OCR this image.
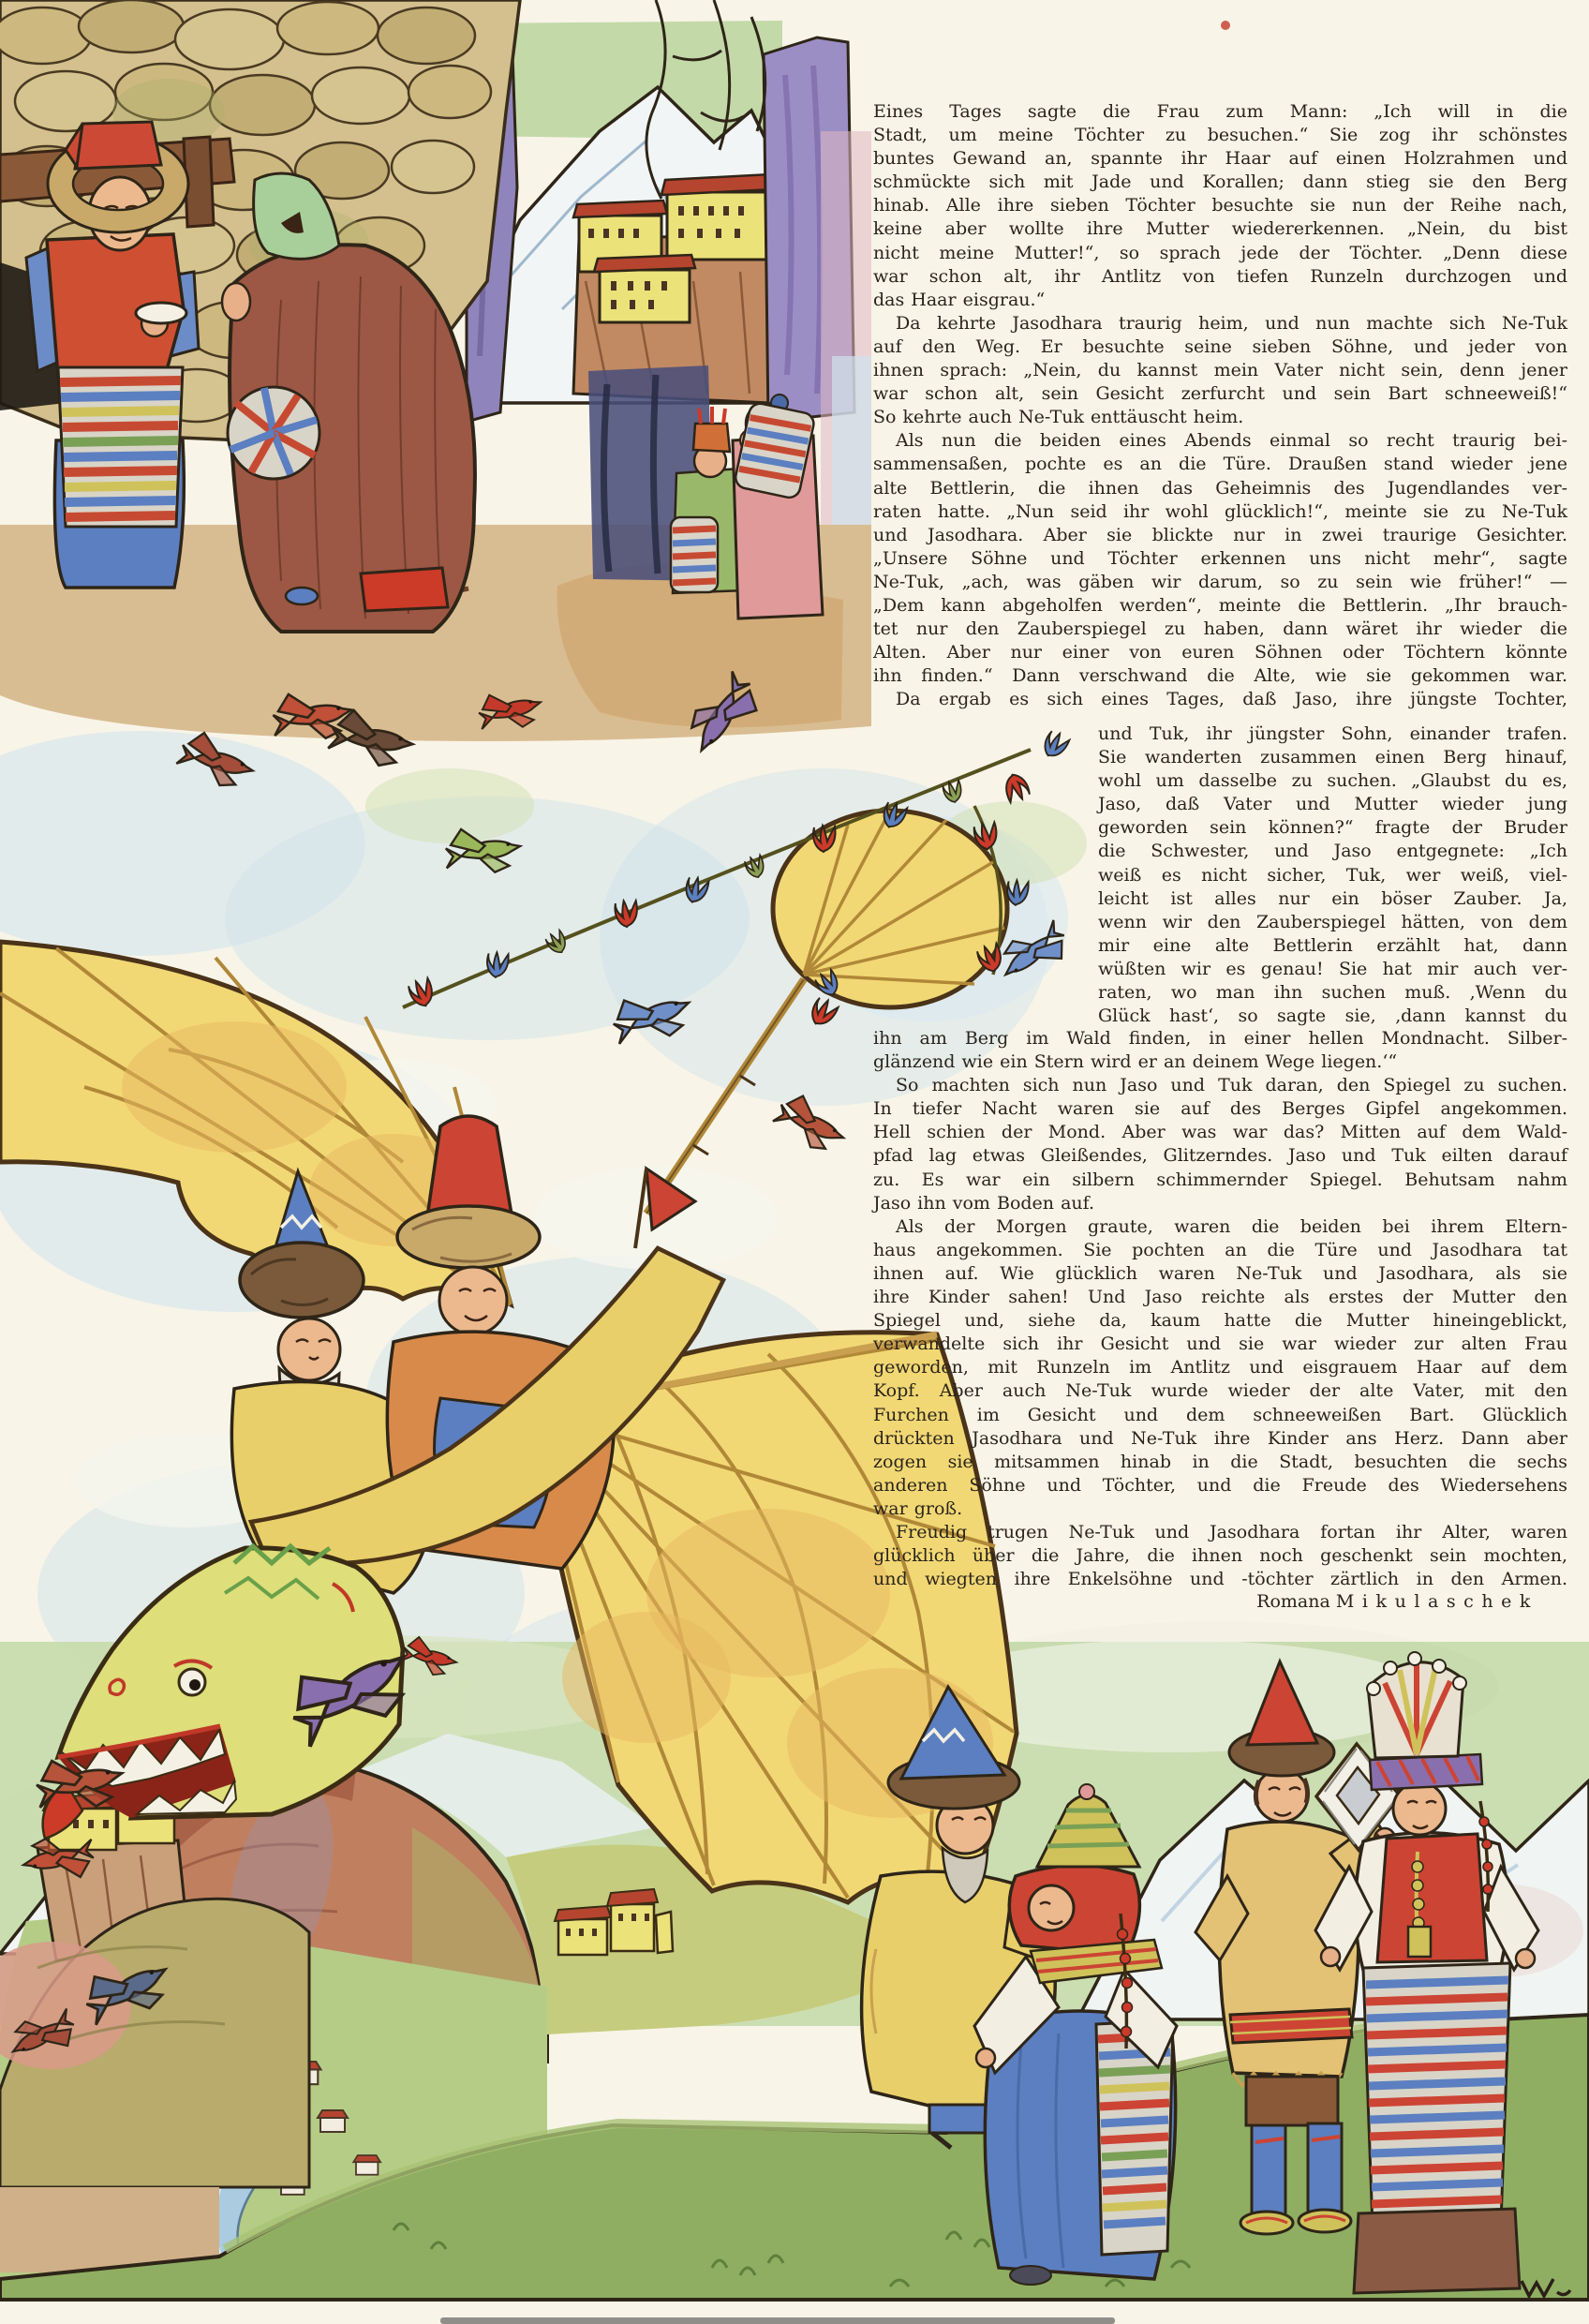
Eines Tages sagte die Frau zum Mann: „Ich will in die
Stadt, um meine Töchter zu besuchen.“ Sie zog ihr schönstes
buntes Gewand an, spannte ihr Haar auf einen Holzrahmen und
schmückte sich mit Jade und Korallen; dann stieg sie den Berg
hinab. Alle ihre sieben Töchter besuchte sie nun der Reihe nach,
keine aber wollte ihre Mutter wiedererkennen. „Nein, du bist
nicht meine Mutter!“, so sprach jede der Töchter. „Denn diese
war schon alt, ihr Antlitz von tiefen Runzeln durchzogen und
das Haar eisgrau.“
Da kehrte Jasodhara traurig heim, und nun machte sich Ne-Tuk
auf den Weg. Er besuchte seine sieben Söhne, und jeder von
ihnen sprach: „Nein, du kannst mein Vater nicht sein, denn jener
war schon alt, sein Gesicht zerfurcht und sein Bart schneeweiß!“
So kehrte auch Ne-Tuk enttäuscht heim.
Als nun die beiden eines Abends einmal so recht traurig bei-
sammensaßen, pochte es an die Türe. Draußen stand wieder jene
alte Bettlerin, die ihnen das Geheimnis des Jugendlandes ver-
raten hatte. „Nun seid ihr wohl glücklich!“, meinte sie zu Ne-Tuk
und Jasodhara. Aber sie blickte nur in zwei traurige Gesichter.
„Unsere Söhne und Töchter erkennen uns nicht mehr“, sagte
Ne-Tuk, „ach, was gäben wir darum, so zu sein wie früher!“ —
„Dem kann abgeholfen werden“, meinte die Bettlerin. „Ihr brauch-
tet nur den Zauberspiegel zu haben, dann wäret ihr wieder die
Alten. Aber nur einer von euren Söhnen oder Töchtern könnte
ihn finden.“ Dann verschwand die Alte, wie sie gekommen war.
Da ergab es sich eines Tages, daß Jaso, ihre jüngste Tochter,
und Tuk, ihr jüngster Sohn, einander trafen.
Sie wanderten zusammen einen Berg hinauf,
wohl um dasselbe zu suchen. „Glaubst du es,
Jaso, daß Vater und Mutter wieder jung
geworden sein können?“ fragte der Bruder
die Schwester, und Jaso entgegnete: „Ich
weiß es nicht sicher, Tuk, wer weiß, viel-
leicht ist alles nur ein böser Zauber. Ja,
wenn wir den Zauberspiegel hätten, von dem
mir eine alte Bettlerin erzählt hat, dann
wüßten wir es genau! Sie hat mir auch ver-
raten, wo man ihn suchen muß. ‚Wenn du
Glück hast‘, so sagte sie, ‚dann kannst du
ihn am Berg im Wald finden, in einer hellen Mondnacht. Silber-
glänzend wie ein Stern wird er an deinem Wege liegen.‘“
So machten sich nun Jaso und Tuk daran, den Spiegel zu suchen.
In tiefer Nacht waren sie auf des Berges Gipfel angekommen.
Hell schien der Mond. Aber was war das? Mitten auf dem Wald-
pfad lag etwas Gleißendes, Glitzerndes. Jaso und Tuk eilten darauf
zu. Es war ein silbern schimmernder Spiegel. Behutsam nahm
Jaso ihn vom Boden auf.
Als der Morgen graute, waren die beiden bei ihrem Eltern-
haus angekommen. Sie pochten an die Türe und Jasodhara tat
ihnen auf. Wie glücklich waren Ne-Tuk und Jasodhara, als sie
ihre Kinder sahen! Und Jaso reichte als erstes der Mutter den
Spiegel und, siehe da, kaum hatte die Mutter hineingeblickt,
verwandelte sich ihr Gesicht und sie war wieder zur alten Frau
geworden, mit Runzeln im Antlitz und eisgrauem Haar auf dem
Kopf. Aber auch Ne-Tuk wurde wieder der alte Vater, mit den
Furchen im Gesicht und dem schneeweißen Bart. Glücklich
drückten Jasodhara und Ne-Tuk ihre Kinder ans Herz. Dann aber
zogen sie mitsammen hinab in die Stadt, besuchten die sechs
anderen Söhne und Töchter, und die Freude des Wiedersehens
war groß.
Freudig trugen Ne-Tuk und Jasodhara fortan ihr Alter, waren
glücklich über die Jahre, die ihnen noch geschenkt sein mochten,
und wiegten ihre Enkelsöhne und -töchter zärtlich in den Armen.
Romana Mikulaschek
